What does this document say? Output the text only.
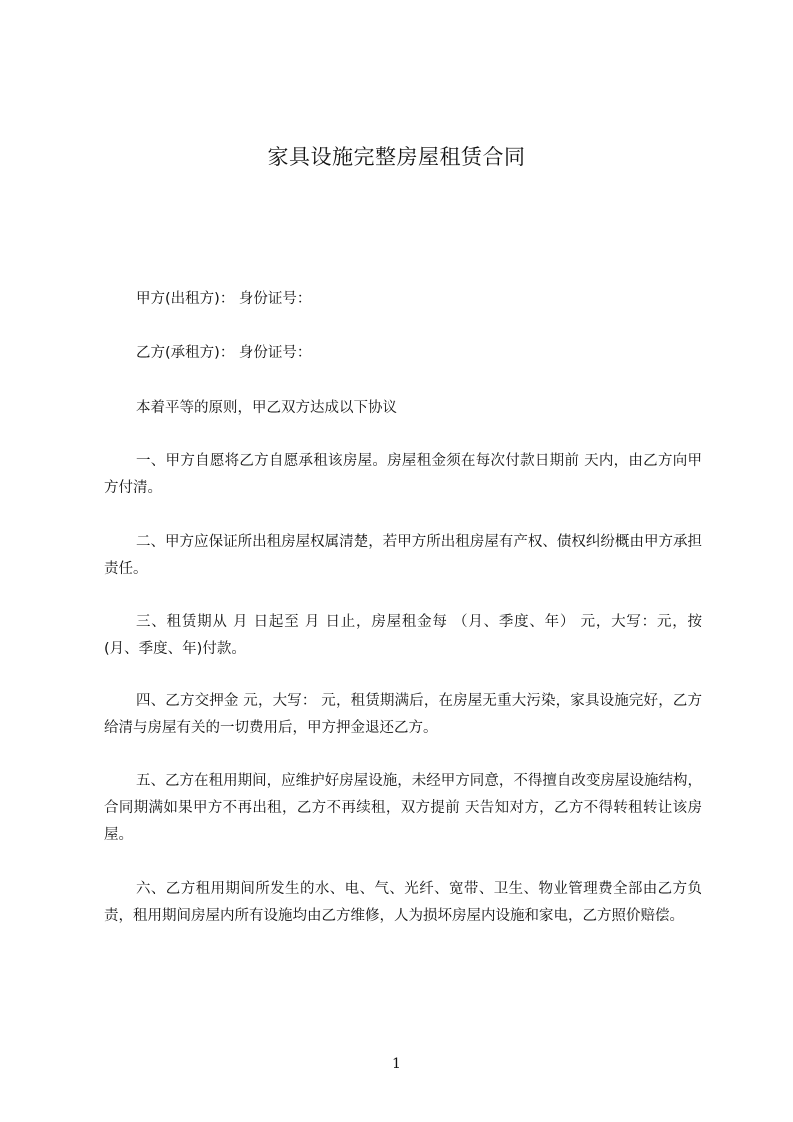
家具设施完整房屋租赁合同

甲方(出租方)： 身份证号：

乙方(承租方)： 身份证号：

本着平等的原则，甲乙双方达成以下协议

一、甲方自愿将乙方自愿承租该房屋。房屋租金须在每次付款日期前 天内，由乙方向甲方付清。

二、甲方应保证所出租房屋权属清楚，若甲方所出租房屋有产权、债权纠纷概由甲方承担责任。

三、租赁期从 月 日起至 月 日止，房屋租金每 （月、季度、年） 元，大写：元，按(月、季度、年)付款。

四、乙方交押金 元，大写： 元，租赁期满后，在房屋无重大污染，家具设施完好，乙方给清与房屋有关的一切费用后，甲方押金退还乙方。

五、乙方在租用期间，应维护好房屋设施，未经甲方同意，不得擅自改变房屋设施结构，合同期满如果甲方不再出租，乙方不再续租，双方提前 天告知对方，乙方不得转租转让该房屋。

六、乙方租用期间所发生的水、电、气、光纤、宽带、卫生、物业管理费全部由乙方负责，租用期间房屋内所有设施均由乙方维修，人为损坏房屋内设施和家电，乙方照价赔偿。

1
